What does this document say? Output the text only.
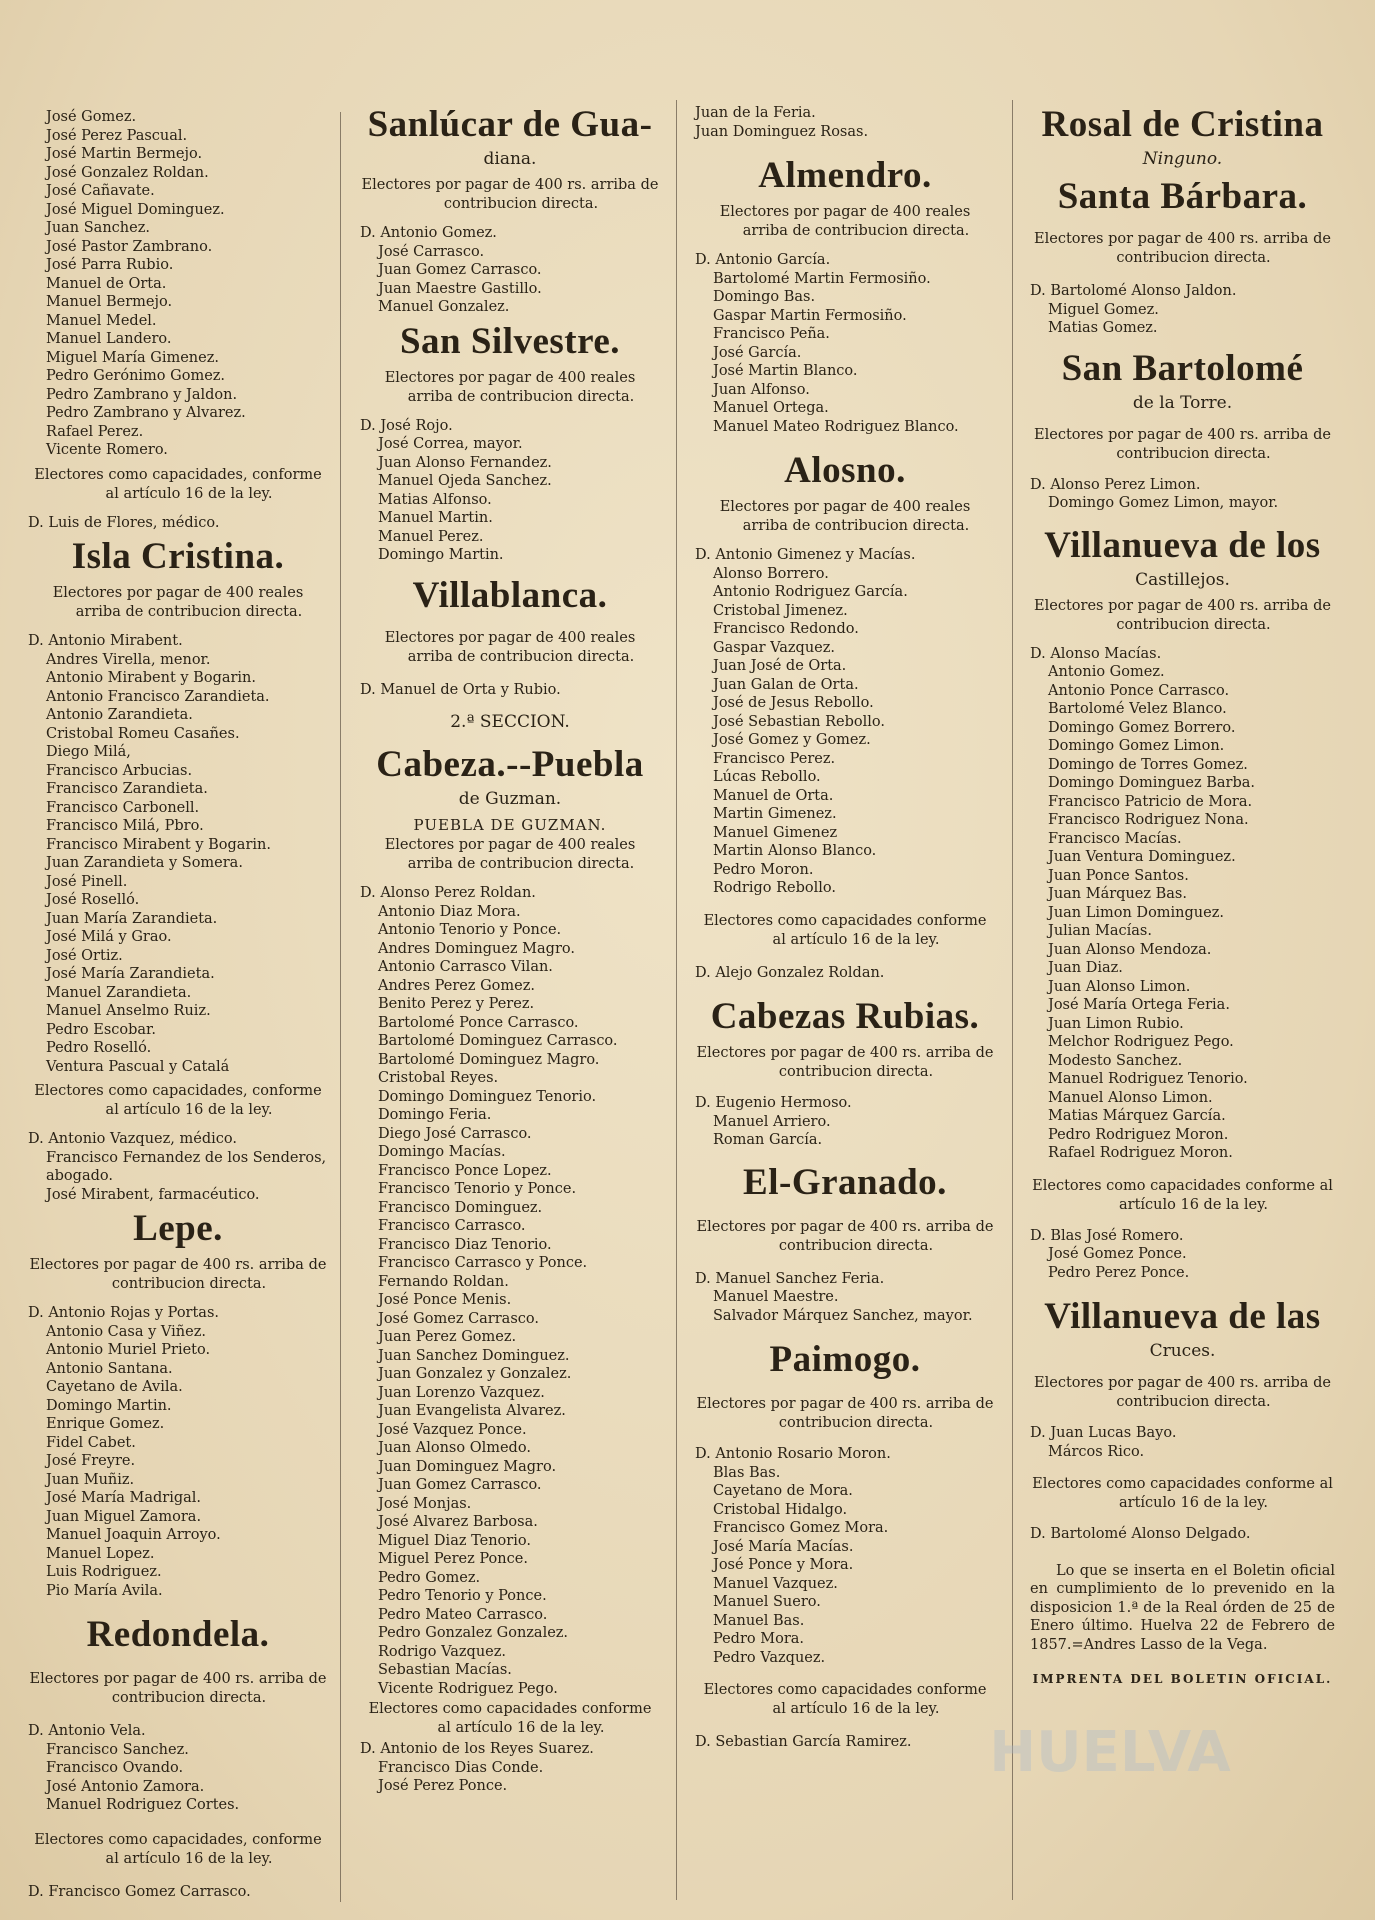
José Gomez.
José Perez Pascual.
José Martin Bermejo.
José Gonzalez Roldan.
José Cañavate.
José Miguel Dominguez.
Juan Sanchez.
José Pastor Zambrano.
José Parra Rubio.
Manuel de Orta.
Manuel Bermejo.
Manuel Medel.
Manuel Landero.
Miguel María Gimenez.
Pedro Gerónimo Gomez.
Pedro Zambrano y Jaldon.
Pedro Zambrano y Alvarez.
Rafael Perez.
Vicente Romero.
Electores como capacidades, conforme al artículo 16 de la ley.
D. Luis de Flores, médico.
Isla Cristina.
Electores por pagar de 400 reales arriba de contribucion directa.
D. Antonio Mirabent.
Andres Virella, menor.
Antonio Mirabent y Bogarin.
Antonio Francisco Zarandieta.
Antonio Zarandieta.
Cristobal Romeu Casañes.
Diego Milá,
Francisco Arbucias.
Francisco Zarandieta.
Francisco Carbonell.
Francisco Milá, Pbro.
Francisco Mirabent y Bogarin.
Juan Zarandieta y Somera.
José Pinell.
José Roselló.
Juan María Zarandieta.
José Milá y Grao.
José Ortiz.
José María Zarandieta.
Manuel Zarandieta.
Manuel Anselmo Ruiz.
Pedro Escobar.
Pedro Roselló.
Ventura Pascual y Catalá
Electores como capacidades, conforme al artículo 16 de la ley.
D. Antonio Vazquez, médico.
Francisco Fernandez de los Senderos, abogado.
José Mirabent, farmacéutico.
Lepe.
Electores por pagar de 400 rs. arriba de contribucion directa.
D. Antonio Rojas y Portas.
Antonio Casa y Viñez.
Antonio Muriel Prieto.
Antonio Santana.
Cayetano de Avila.
Domingo Martin.
Enrique Gomez.
Fidel Cabet.
José Freyre.
Juan Muñiz.
José María Madrigal.
Juan Miguel Zamora.
Manuel Joaquin Arroyo.
Manuel Lopez.
Luis Rodriguez.
Pio María Avila.
Redondela.
Electores por pagar de 400 rs. arriba de contribucion directa.
D. Antonio Vela.
Francisco Sanchez.
Francisco Ovando.
José Antonio Zamora.
Manuel Rodriguez Cortes.
Electores como capacidades, conforme al artículo 16 de la ley.
D. Francisco Gomez Carrasco.
Sanlúcar de Gua-
diana.
Electores por pagar de 400 rs. arriba de contribucion directa.
D. Antonio Gomez.
José Carrasco.
Juan Gomez Carrasco.
Juan Maestre Gastillo.
Manuel Gonzalez.
San Silvestre.
Electores por pagar de 400 reales arriba de contribucion directa.
D. José Rojo.
José Correa, mayor.
Juan Alonso Fernandez.
Manuel Ojeda Sanchez.
Matias Alfonso.
Manuel Martin.
Manuel Perez.
Domingo Martin.
Villablanca.
Electores por pagar de 400 reales arriba de contribucion directa.
D. Manuel de Orta y Rubio.
2.ª SECCION.
Cabeza.--Puebla
de Guzman.
PUEBLA DE GUZMAN.
Electores por pagar de 400 reales arriba de contribucion directa.
D. Alonso Perez Roldan.
Antonio Diaz Mora.
Antonio Tenorio y Ponce.
Andres Dominguez Magro.
Antonio Carrasco Vilan.
Andres Perez Gomez.
Benito Perez y Perez.
Bartolomé Ponce Carrasco.
Bartolomé Dominguez Carrasco.
Bartolomé Dominguez Magro.
Cristobal Reyes.
Domingo Dominguez Tenorio.
Domingo Feria.
Diego José Carrasco.
Domingo Macías.
Francisco Ponce Lopez.
Francisco Tenorio y Ponce.
Francisco Dominguez.
Francisco Carrasco.
Francisco Diaz Tenorio.
Francisco Carrasco y Ponce.
Fernando Roldan.
José Ponce Menis.
José Gomez Carrasco.
Juan Perez Gomez.
Juan Sanchez Dominguez.
Juan Gonzalez y Gonzalez.
Juan Lorenzo Vazquez.
Juan Evangelista Alvarez.
José Vazquez Ponce.
Juan Alonso Olmedo.
Juan Dominguez Magro.
Juan Gomez Carrasco.
José Monjas.
José Alvarez Barbosa.
Miguel Diaz Tenorio.
Miguel Perez Ponce.
Pedro Gomez.
Pedro Tenorio y Ponce.
Pedro Mateo Carrasco.
Pedro Gonzalez Gonzalez.
Rodrigo Vazquez.
Sebastian Macías.
Vicente Rodriguez Pego.
Electores como capacidades conforme al artículo 16 de la ley.
D. Antonio de los Reyes Suarez.
Francisco Dias Conde.
José Perez Ponce.
Juan de la Feria.
Juan Dominguez Rosas.
Almendro.
Electores por pagar de 400 reales arriba de contribucion directa.
D. Antonio García.
Bartolomé Martin Fermosiño.
Domingo Bas.
Gaspar Martin Fermosiño.
Francisco Peña.
José García.
José Martin Blanco.
Juan Alfonso.
Manuel Ortega.
Manuel Mateo Rodriguez Blanco.
Alosno.
Electores por pagar de 400 reales arriba de contribucion directa.
D. Antonio Gimenez y Macías.
Alonso Borrero.
Antonio Rodriguez García.
Cristobal Jimenez.
Francisco Redondo.
Gaspar Vazquez.
Juan José de Orta.
Juan Galan de Orta.
José de Jesus Rebollo.
José Sebastian Rebollo.
José Gomez y Gomez.
Francisco Perez.
Lúcas Rebollo.
Manuel de Orta.
Martin Gimenez.
Manuel Gimenez
Martin Alonso Blanco.
Pedro Moron.
Rodrigo Rebollo.
Electores como capacidades conforme al artículo 16 de la ley.
D. Alejo Gonzalez Roldan.
Cabezas Rubias.
Electores por pagar de 400 rs. arriba de contribucion directa.
D. Eugenio Hermoso.
Manuel Arriero.
Roman García.
El-Granado.
Electores por pagar de 400 rs. arriba de contribucion directa.
D. Manuel Sanchez Feria.
Manuel Maestre.
Salvador Márquez Sanchez, mayor.
Paimogo.
Electores por pagar de 400 rs. arriba de contribucion directa.
D. Antonio Rosario Moron.
Blas Bas.
Cayetano de Mora.
Cristobal Hidalgo.
Francisco Gomez Mora.
José María Macías.
José Ponce y Mora.
Manuel Vazquez.
Manuel Suero.
Manuel Bas.
Pedro Mora.
Pedro Vazquez.
Electores como capacidades conforme al artículo 16 de la ley.
D. Sebastian García Ramirez.
Rosal de Cristina
Ninguno.
Santa Bárbara.
Electores por pagar de 400 rs. arriba de contribucion directa.
D. Bartolomé Alonso Jaldon.
Miguel Gomez.
Matias Gomez.
San Bartolomé
de la Torre.
Electores por pagar de 400 rs. arriba de contribucion directa.
D. Alonso Perez Limon.
Domingo Gomez Limon, mayor.
Villanueva de los
Castillejos.
Electores por pagar de 400 rs. arriba de contribucion directa.
D. Alonso Macías.
Antonio Gomez.
Antonio Ponce Carrasco.
Bartolomé Velez Blanco.
Domingo Gomez Borrero.
Domingo Gomez Limon.
Domingo de Torres Gomez.
Domingo Dominguez Barba.
Francisco Patricio de Mora.
Francisco Rodriguez Nona.
Francisco Macías.
Juan Ventura Dominguez.
Juan Ponce Santos.
Juan Márquez Bas.
Juan Limon Dominguez.
Julian Macías.
Juan Alonso Mendoza.
Juan Diaz.
Juan Alonso Limon.
José María Ortega Feria.
Juan Limon Rubio.
Melchor Rodriguez Pego.
Modesto Sanchez.
Manuel Rodriguez Tenorio.
Manuel Alonso Limon.
Matias Márquez García.
Pedro Rodriguez Moron.
Rafael Rodriguez Moron.
Electores como capacidades conforme al artículo 16 de la ley.
D. Blas José Romero.
José Gomez Ponce.
Pedro Perez Ponce.
Villanueva de las
Cruces.
Electores por pagar de 400 rs. arriba de contribucion directa.
D. Juan Lucas Bayo.
Márcos Rico.
Electores como capacidades conforme al artículo 16 de la ley.
D. Bartolomé Alonso Delgado.
Lo que se inserta en el Boletin oficial en cumplimiento de lo prevenido en la disposicion 1.ª de la Real órden de 25 de Enero último. Huelva 22 de Febrero de 1857.=Andres Lasso de la Vega.
IMPRENTA DEL BOLETIN OFICIAL.
HUELVA
